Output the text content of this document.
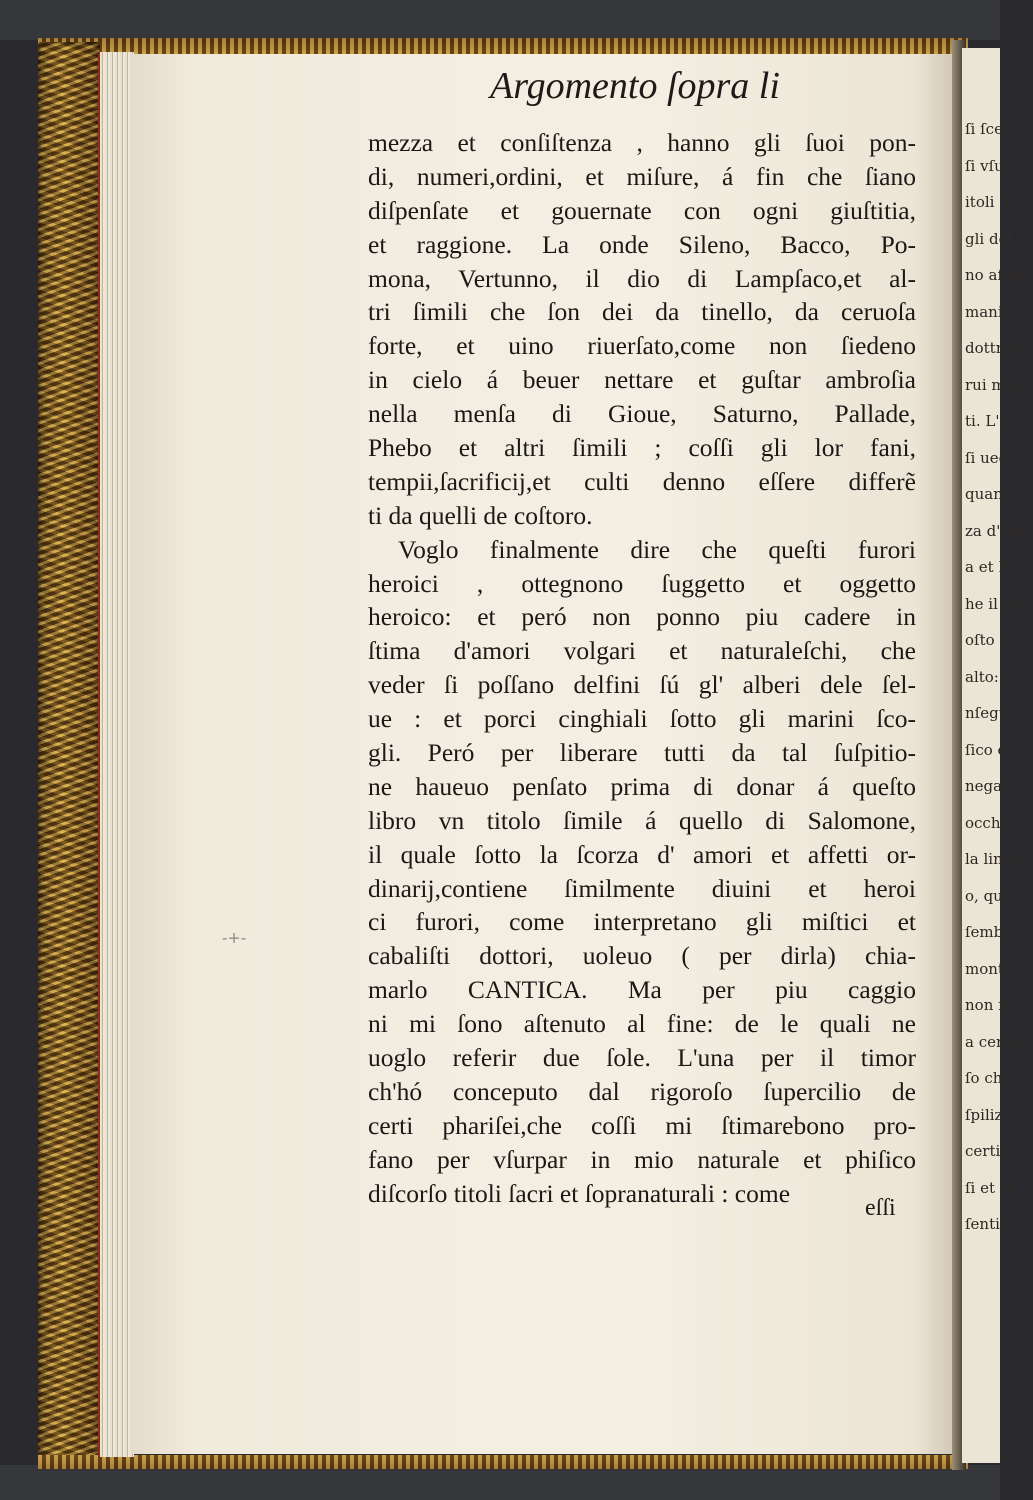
ſi ſcelera
ſi vſurp
itoli de
gli de D
no aſpet
manifeſt
dottrina
rui mal
ti. L'al
ſi uede
quanto
za d'am
a et P
he il pr
oſto d
alto: p
nſegu
ſico e c
negato
occhi d
la lingu
o, que
ſembra
monta
non ſi
a cerca
ſo che
ſpiliz
certi a
ſi et tu
ſentime
Argomento ſopra li
mezza et conſiſtenza , hanno gli ſuoi pon-
di, numeri,ordini, et miſure, á fin che ſiano
diſpenſate et gouernate con ogni giuſtitia,
et raggione. La onde Sileno, Bacco, Po-
mona, Vertunno, il dio di Lampſaco,et al-
tri ſimili che ſon dei da tinello, da ceruoſa
forte, et uino riuerſato,come non ſiedeno
in cielo á beuer nettare et guſtar ambroſia
nella menſa di Gioue, Saturno, Pallade,
Phebo et altri ſimili ; coſſi gli lor fani,
tempii,ſacrificij,et culti denno eſſere differẽ
ti da quelli de coſtoro.
Voglo finalmente dire che queſti furori
heroici , ottegnono ſuggetto et oggetto
heroico: et peró non ponno piu cadere in
ſtima d'amori volgari et naturaleſchi, che
veder ſi poſſano delfini ſú gl' alberi dele ſel-
ue : et porci cinghiali ſotto gli marini ſco-
gli. Peró per liberare tutti da tal ſuſpitio-
ne haueuo penſato prima di donar á queſto
libro vn titolo ſimile á quello di Salomone,
il quale ſotto la ſcorza d' amori et affetti or-
dinarij,contiene ſimilmente diuini et heroi
ci furori, come interpretano gli miſtici et
cabaliſti dottori, uoleuo ( per dirla) chia-
marlo CANTICA. Ma per piu caggio
ni mi ſono aſtenuto al fine: de le quali ne
uoglo referir due ſole. L'una per il timor
ch'hó conceputo dal rigoroſo ſupercilio de
certi phariſei,che coſſi mi ſtimarebono pro-
fano per vſurpar in mio naturale et phiſico
diſcorſo titoli ſacri et ſopranaturali : come
eſſi
-+-
